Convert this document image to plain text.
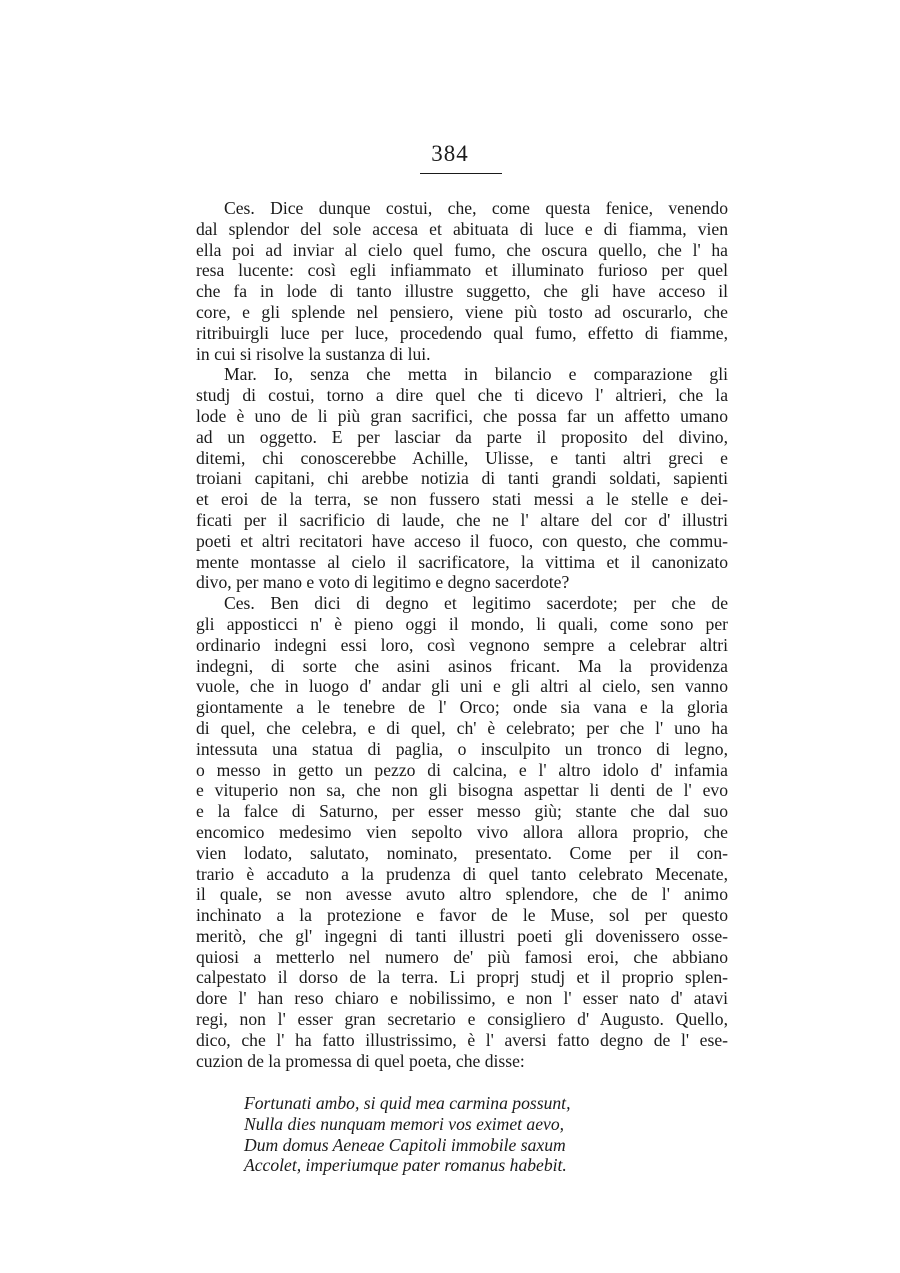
384
Ces. Dice dunque costui, che, come questa fenice, venendo
dal splendor del sole accesa et abituata di luce e di fiamma, vien
ella poi ad inviar al cielo quel fumo, che oscura quello, che l' ha
resa lucente: così egli infiammato et illuminato furioso per quel
che fa in lode di tanto illustre suggetto, che gli have acceso il
core, e gli splende nel pensiero, viene più tosto ad oscurarlo, che
ritribuirgli luce per luce, procedendo qual fumo, effetto di fiamme,
in cui si risolve la sustanza di lui.
Mar. Io, senza che metta in bilancio e comparazione gli
studj di costui, torno a dire quel che ti dicevo l' altrieri, che la
lode è uno de li più gran sacrifici, che possa far un affetto umano
ad un oggetto. E per lasciar da parte il proposito del divino,
ditemi, chi conoscerebbe Achille, Ulisse, e tanti altri greci e
troiani capitani, chi arebbe notizia di tanti grandi soldati, sapienti
et eroi de la terra, se non fussero stati messi a le stelle e dei-
ficati per il sacrificio di laude, che ne l' altare del cor d' illustri
poeti et altri recitatori have acceso il fuoco, con questo, che commu-
mente montasse al cielo il sacrificatore, la vittima et il canonizato
divo, per mano e voto di legitimo e degno sacerdote?
Ces. Ben dici di degno et legitimo sacerdote; per che de
gli apposticci n' è pieno oggi il mondo, li quali, come sono per
ordinario indegni essi loro, così vegnono sempre a celebrar altri
indegni, di sorte che asini asinos fricant. Ma la providenza
vuole, che in luogo d' andar gli uni e gli altri al cielo, sen vanno
giontamente a le tenebre de l' Orco; onde sia vana e la gloria
di quel, che celebra, e di quel, ch' è celebrato; per che l' uno ha
intessuta una statua di paglia, o insculpito un tronco di legno,
o messo in getto un pezzo di calcina, e l' altro idolo d' infamia
e vituperio non sa, che non gli bisogna aspettar li denti de l' evo
e la falce di Saturno, per esser messo giù; stante che dal suo
encomico medesimo vien sepolto vivo allora allora proprio, che
vien lodato, salutato, nominato, presentato. Come per il con-
trario è accaduto a la prudenza di quel tanto celebrato Mecenate,
il quale, se non avesse avuto altro splendore, che de l' animo
inchinato a la protezione e favor de le Muse, sol per questo
meritò, che gl' ingegni di tanti illustri poeti gli dovenissero osse-
quiosi a metterlo nel numero de' più famosi eroi, che abbiano
calpestato il dorso de la terra. Li proprj studj et il proprio splen-
dore l' han reso chiaro e nobilissimo, e non l' esser nato d' atavi
regi, non l' esser gran secretario e consigliero d' Augusto. Quello,
dico, che l' ha fatto illustrissimo, è l' aversi fatto degno de l' ese-
cuzion de la promessa di quel poeta, che disse:
Fortunati ambo, si quid mea carmina possunt,
Nulla dies nunquam memori vos eximet aevo,
Dum domus Aeneae Capitoli immobile saxum
Accolet, imperiumque pater romanus habebit.
